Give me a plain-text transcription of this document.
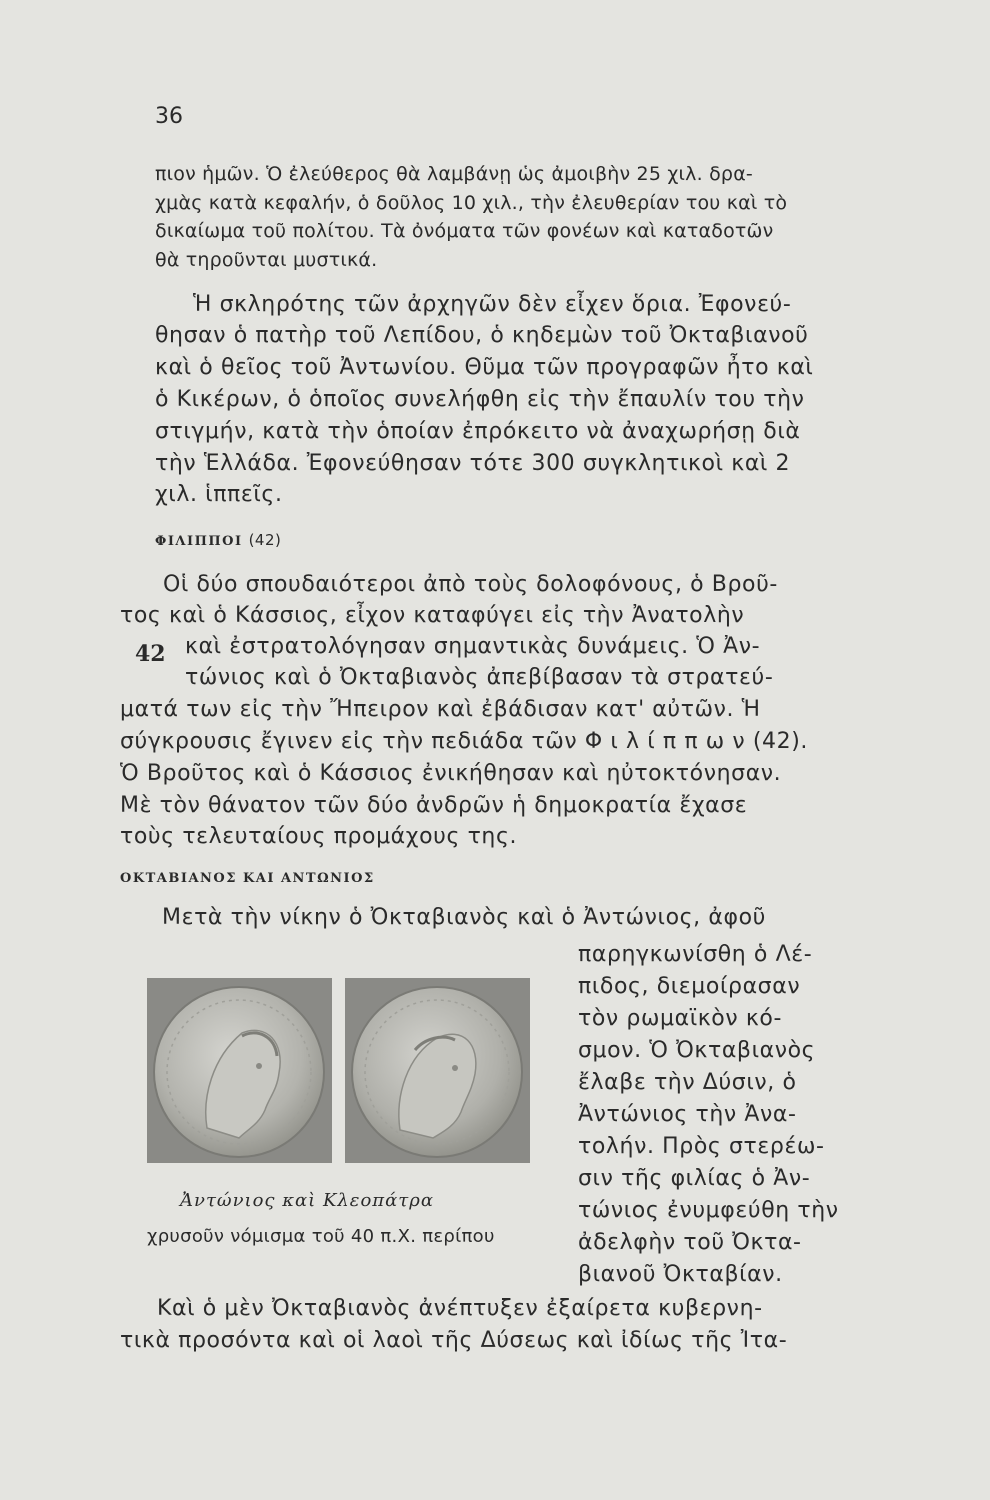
36
πιον ἡμῶν. Ὁ ἐλεύθερος θὰ λαμβάνῃ ὡς ἀμοιβὴν 25 χιλ. δρα-
χμὰς κατὰ κεφαλήν, ὁ δοῦλος 10 χιλ., τὴν ἐλευθερίαν του καὶ τὸ
δικαίωμα τοῦ πολίτου. Τὰ ὀνόματα τῶν φονέων καὶ καταδοτῶν
θὰ τηροῦνται μυστικά.
Ἡ σκληρότης τῶν ἀρχηγῶν δὲν εἶχεν ὅρια. Ἐφονεύ-
θησαν ὁ πατὴρ τοῦ Λεπίδου, ὁ κηδεμὼν τοῦ Ὀκταβιανοῦ
καὶ ὁ θεῖος τοῦ Ἀντωνίου. Θῦμα τῶν προγραφῶν ἦτο καὶ
ὁ Κικέρων, ὁ ὁποῖος συνελήφθη εἰς τὴν ἔπαυλίν του τὴν
στιγμήν, κατὰ τὴν ὁποίαν ἐπρόκειτο νὰ ἀναχωρήσῃ διὰ
τὴν Ἑλλάδα. Ἐφονεύθησαν τότε 300 συγκλητικοὶ καὶ 2
χιλ. ἱππεῖς.
ΦΙΛΙΠΠΟΙ (42)
42
Οἱ δύο σπουδαιότεροι ἀπὸ τοὺς δολοφόνους, ὁ Βροῦ-
τος καὶ ὁ Κάσσιος, εἶχον καταφύγει εἰς τὴν Ἀνατολὴν
καὶ ἐστρατολόγησαν σημαντικὰς δυνάμεις. Ὁ Ἀν-
τώνιος καὶ ὁ Ὀκταβιανὸς ἀπεβίβασαν τὰ στρατεύ-
ματά των εἰς τὴν Ἤπειρον καὶ ἐβάδισαν κατ' αὐτῶν. Ἡ
σύγκρουσις ἔγινεν εἰς τὴν πεδιάδα τῶν Φ ι λ ί π π ω ν (42).
Ὁ Βροῦτος καὶ ὁ Κάσσιος ἐνικήθησαν καὶ ηὐτοκτόνησαν.
Μὲ τὸν θάνατον τῶν δύο ἀνδρῶν ἡ δημοκρατία ἔχασε
τοὺς τελευταίους προμάχους της.
ΟΚΤΑΒΙΑΝΟΣ ΚΑΙ ΑΝΤΩΝΙΟΣ
Μετὰ τὴν νίκην ὁ Ὀκταβιανὸς καὶ ὁ Ἀντώνιος, ἀφοῦ
παρηγκωνίσθη ὁ Λέ-
πιδος, διεμοίρασαν
τὸν ρωμαϊκὸν κό-
σμον. Ὁ Ὀκταβιανὸς
ἔλαβε τὴν Δύσιν, ὁ
Ἀντώνιος τὴν Ἀνα-
τολήν. Πρὸς στερέω-
σιν τῆς φιλίας ὁ Ἀν-
τώνιος ἐνυμφεύθη τὴν
ἀδελφὴν τοῦ Ὀκτα-
βιανοῦ Ὀκταβίαν.
Ἀντώνιος καὶ Κλεοπάτρα
χρυσοῦν νόμισμα τοῦ 40 π.Χ. περίπου
Καὶ ὁ μὲν Ὀκταβιανὸς ἀνέπτυξεν ἐξαίρετα κυβερνη-
τικὰ προσόντα καὶ οἱ λαοὶ τῆς Δύσεως καὶ ἰδίως τῆς Ἰτα-
